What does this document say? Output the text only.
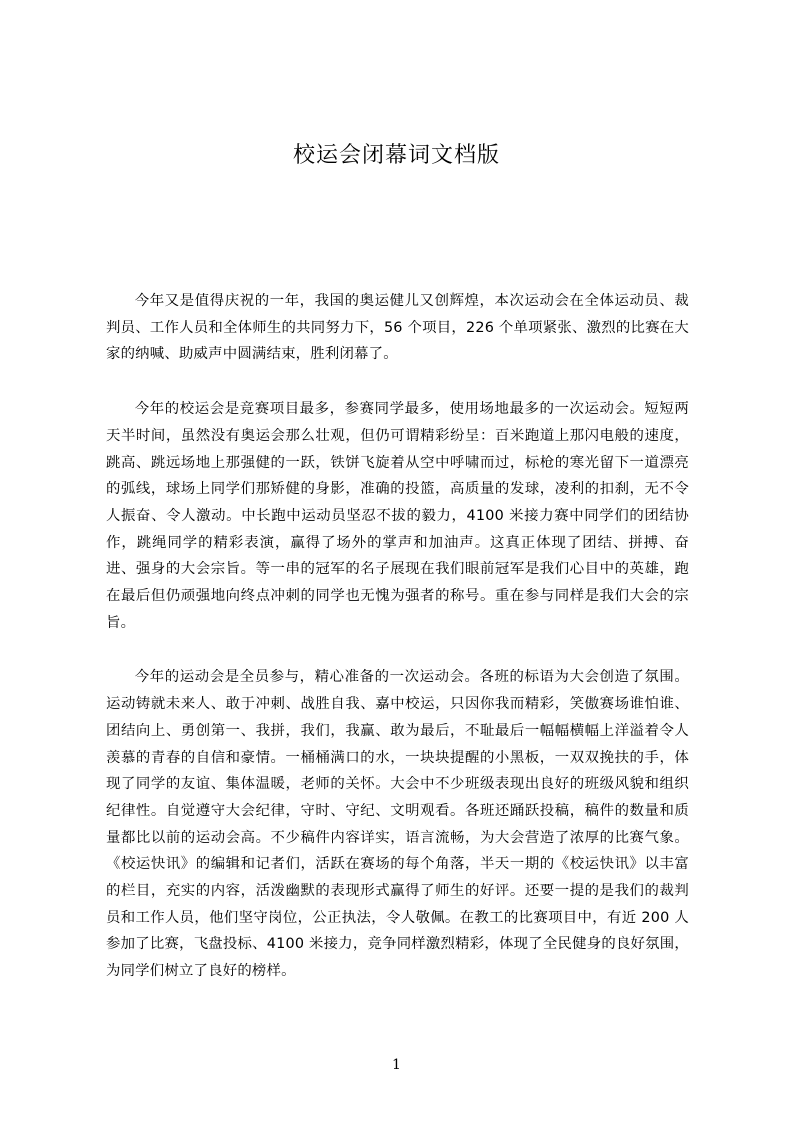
校运会闭幕词文档版

今年又是值得庆祝的一年，我国的奥运健儿又创辉煌，本次运动会在全体运动员、裁判员、工作人员和全体师生的共同努力下，56 个项目，226 个单项紧张、激烈的比赛在大家的纳喊、助威声中圆满结束，胜利闭幕了。

今年的校运会是竞赛项目最多，参赛同学最多，使用场地最多的一次运动会。短短两天半时间，虽然没有奥运会那么壮观，但仍可谓精彩纷呈：百米跑道上那闪电般的速度，跳高、跳远场地上那强健的一跃，铁饼飞旋着从空中呼啸而过，标枪的寒光留下一道漂亮的弧线，球场上同学们那矫健的身影，准确的投篮，高质量的发球，凌利的扣刹，无不令人振奋、令人激动。中长跑中运动员坚忍不拔的毅力，4100 米接力赛中同学们的团结协作，跳绳同学的精彩表演，赢得了场外的掌声和加油声。这真正体现了团结、拼搏、奋进、强身的大会宗旨。等一串的冠军的名子展现在我们眼前冠军是我们心目中的英雄，跑在最后但仍顽强地向终点冲刺的同学也无愧为强者的称号。重在参与同样是我们大会的宗旨。

今年的运动会是全员参与，精心准备的一次运动会。各班的标语为大会创造了氛围。运动铸就未来人、敢于冲刺、战胜自我、嘉中校运，只因你我而精彩，笑傲赛场谁怕谁、团结向上、勇创第一、我拼，我们，我赢、敢为最后，不耻最后一幅幅横幅上洋溢着令人羡慕的青春的自信和豪情。一桶桶满口的水，一块块提醒的小黑板，一双双挽扶的手，体现了同学的友谊、集体温暖，老师的关怀。大会中不少班级表现出良好的班级风貌和组织纪律性。自觉遵守大会纪律，守时、守纪、文明观看。各班还踊跃投稿，稿件的数量和质量都比以前的运动会高。不少稿件内容详实，语言流畅，为大会营造了浓厚的比赛气象。《校运快讯》的编辑和记者们，活跃在赛场的每个角落，半天一期的《校运快讯》以丰富的栏目，充实的内容，活泼幽默的表现形式赢得了师生的好评。还要一提的是我们的裁判员和工作人员，他们坚守岗位，公正执法，令人敬佩。在教工的比赛项目中，有近 200 人参加了比赛，飞盘投标、4100 米接力，竞争同样激烈精彩，体现了全民健身的良好氛围，为同学们树立了良好的榜样。

1
